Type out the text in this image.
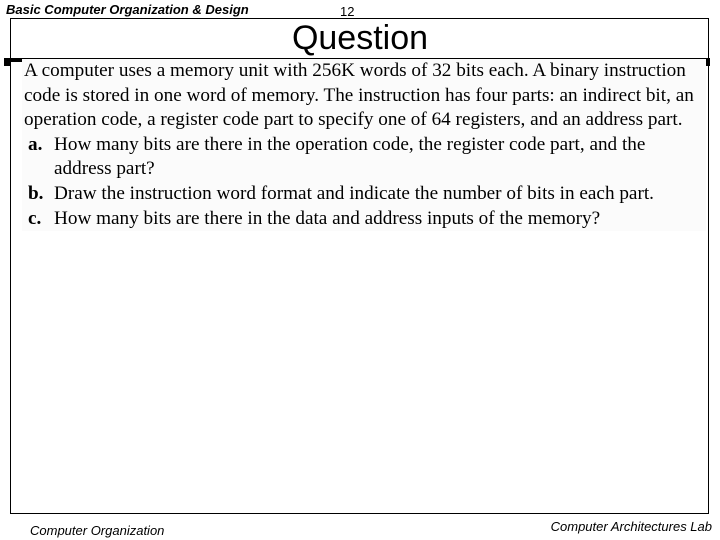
Basic Computer Organization & Design	12
Question

A computer uses a memory unit with 256K words of 32 bits each. A binary instruction code is stored in one word of memory. The instruction has four parts: an indirect bit, an operation code, a register code part to specify one of 64 registers, and an address part.

a. How many bits are there in the operation code, the register code part, and the address part?
b. Draw the instruction word format and indicate the number of bits in each part.
c. How many bits are there in the data and address inputs of the memory?
Computer Organization	Computer Architectures Lab
